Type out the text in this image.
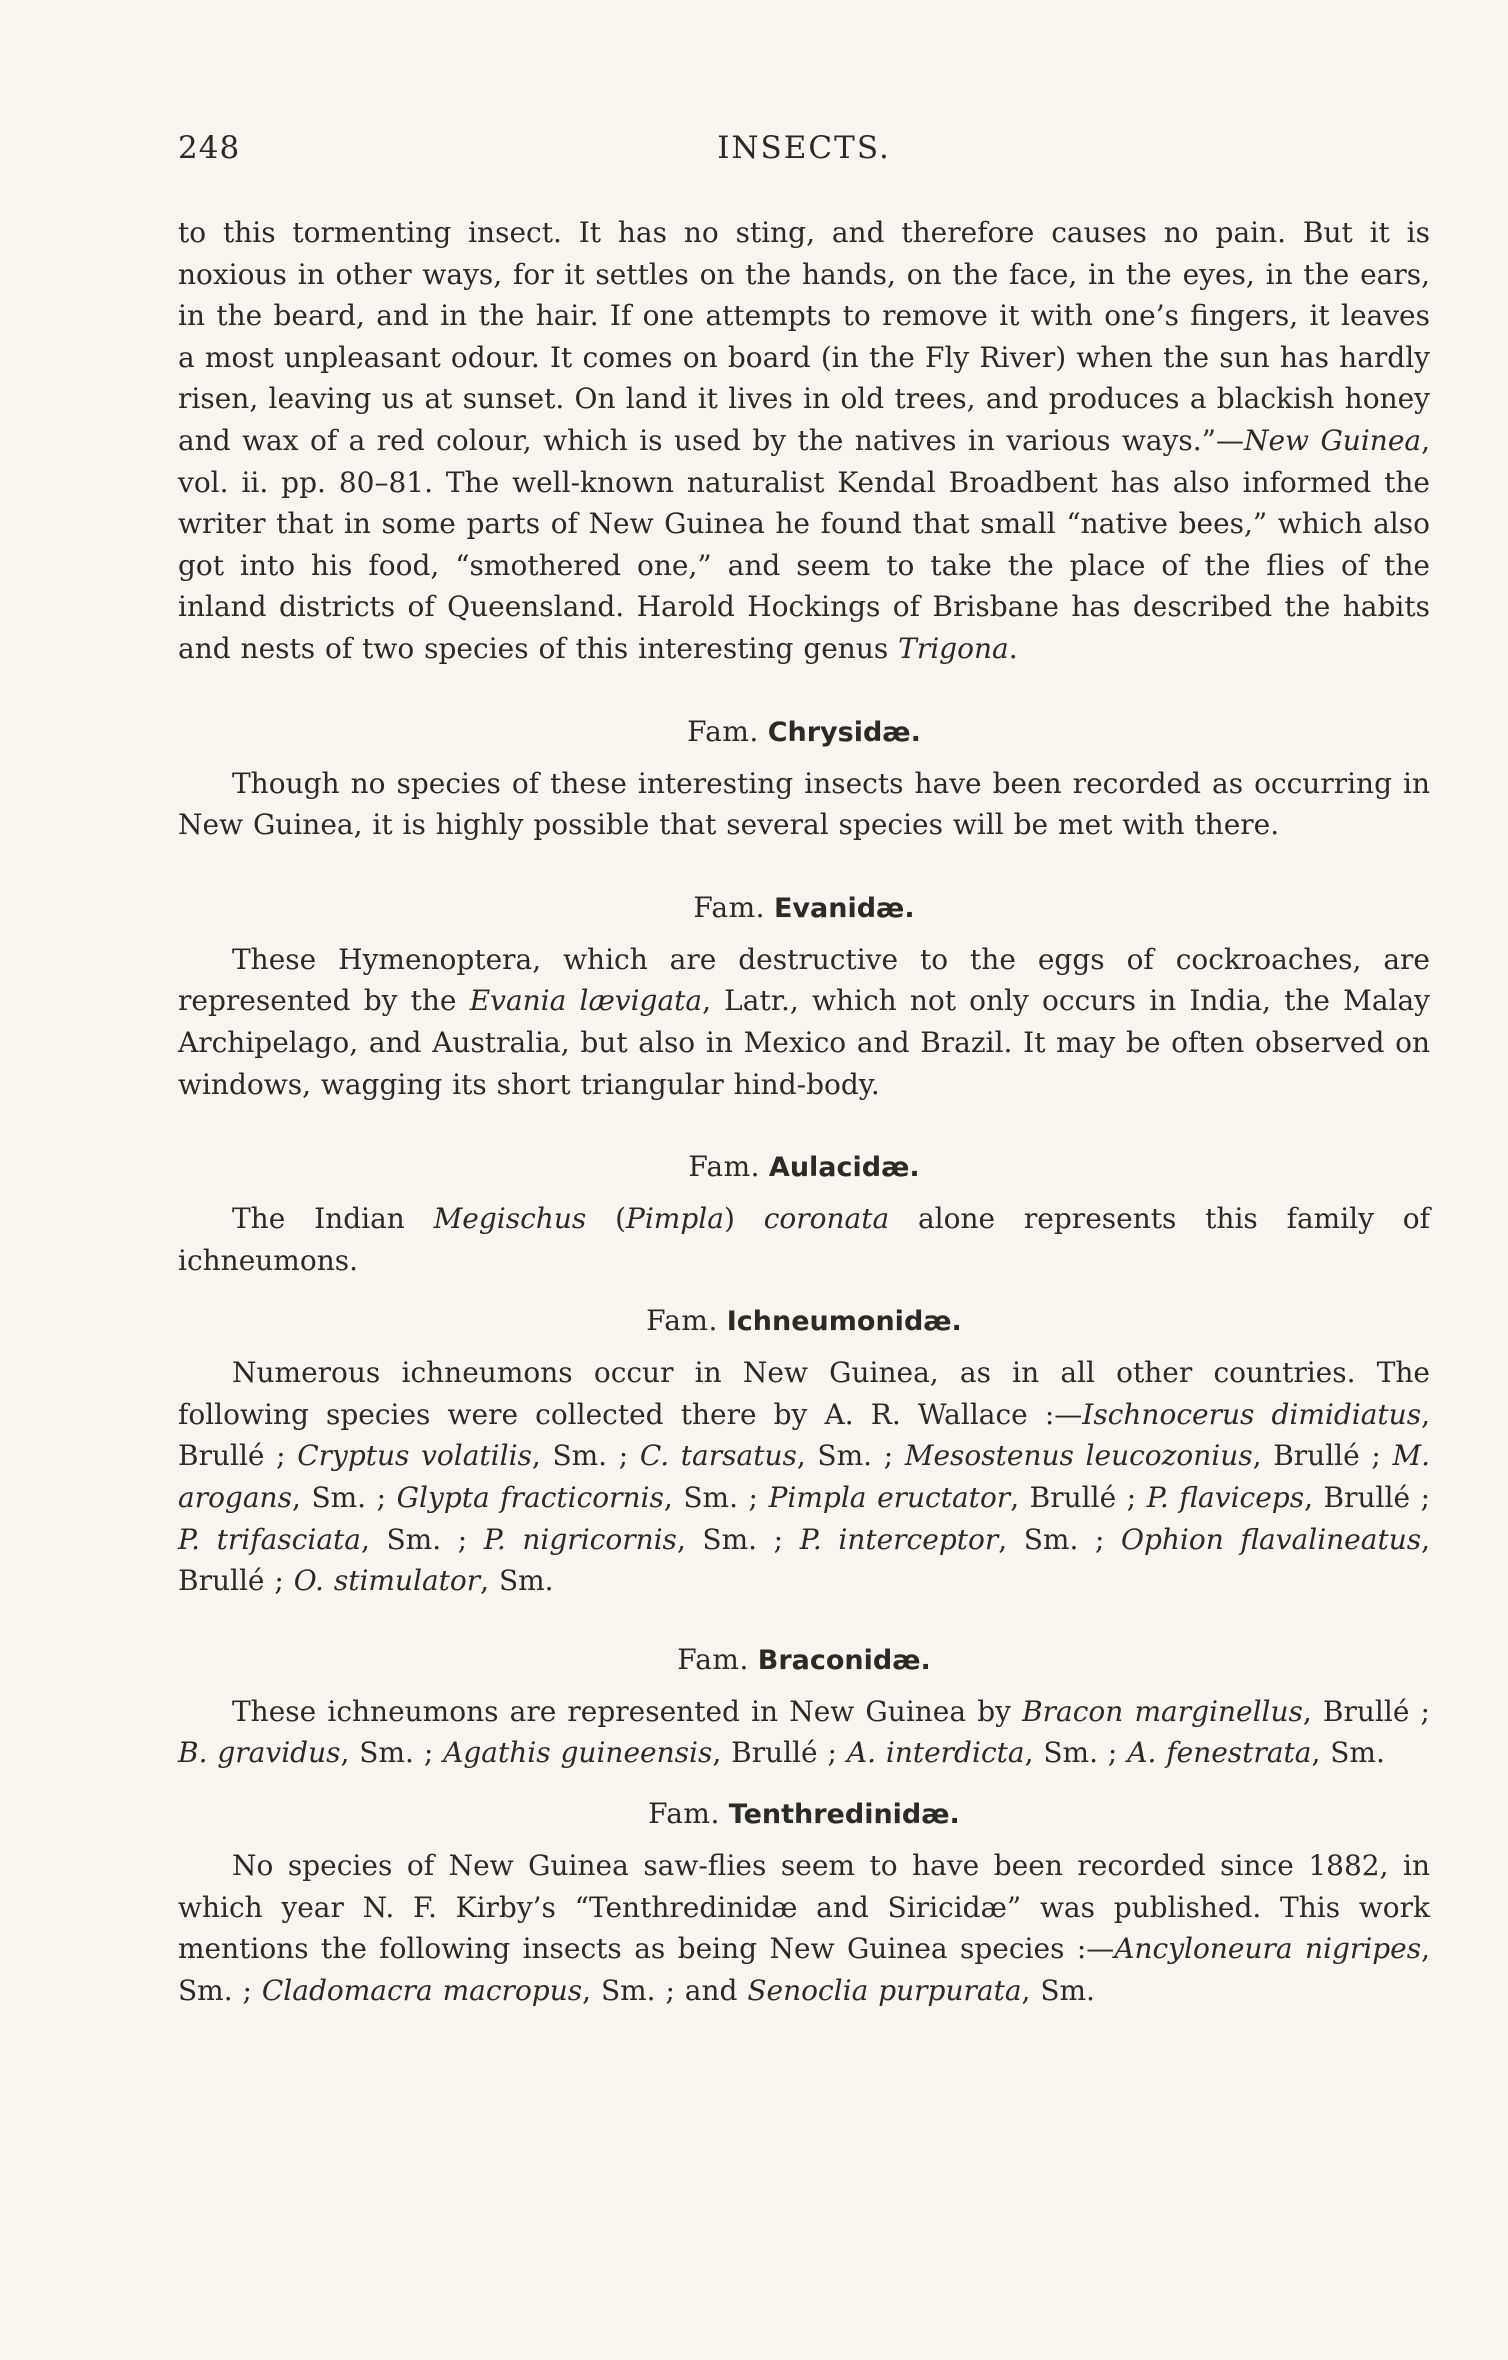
248	INSECTS.

to this tormenting insect. It has no sting, and therefore causes no pain. But it is noxious in other ways, for it settles on the hands, on the face, in the eyes, in the ears, in the beard, and in the hair. If one attempts to remove it with one’s fingers, it leaves a most unpleasant odour. It comes on board (in the Fly River) when the sun has hardly risen, leaving us at sunset. On land it lives in old trees, and produces a blackish honey and wax of a red colour, which is used by the natives in various ways.”—New Guinea, vol. ii. pp. 80–81. The well-known naturalist Kendal Broadbent has also informed the writer that in some parts of New Guinea he found that small “native bees,” which also got into his food, “smothered one,” and seem to take the place of the flies of the inland districts of Queensland. Harold Hockings of Brisbane has described the habits and nests of two species of this interesting genus Trigona.

Fam. Chrysidæ.

Though no species of these interesting insects have been recorded as occurring in New Guinea, it is highly possible that several species will be met with there.

Fam. Evanidæ.

These Hymenoptera, which are destructive to the eggs of cockroaches, are represented by the Evania lævigata, Latr., which not only occurs in India, the Malay Archipelago, and Australia, but also in Mexico and Brazil. It may be often observed on windows, wagging its short triangular hind-body.

Fam. Aulacidæ.

The Indian Megischus (Pimpla) coronata alone represents this family of ichneumons.

Fam. Ichneumonidæ.

Numerous ichneumons occur in New Guinea, as in all other countries. The following species were collected there by A. R. Wallace :—Ischnocerus dimidiatus, Brullé ; Cryptus volatilis, Sm. ; C. tarsatus, Sm. ; Mesostenus leucozonius, Brullé ; M. arogans, Sm. ; Glypta fracticornis, Sm. ; Pimpla eructator, Brullé ; P. flaviceps, Brullé ; P. trifasciata, Sm. ; P. nigricornis, Sm. ; P. interceptor, Sm. ; Ophion flavalineatus, Brullé ; O. stimulator, Sm.

Fam. Braconidæ.

These ichneumons are represented in New Guinea by Bracon marginellus, Brullé ; B. gravidus, Sm. ; Agathis guineensis, Brullé ; A. interdicta, Sm. ; A. fenestrata, Sm.

Fam. Tenthredinidæ.

No species of New Guinea saw-flies seem to have been recorded since 1882, in which year N. F. Kirby’s “Tenthredinidæ and Siricidæ” was published. This work mentions the following insects as being New Guinea species :—Ancyloneura nigripes, Sm. ; Cladomacra macropus, Sm. ; and Senoclia purpurata, Sm.
